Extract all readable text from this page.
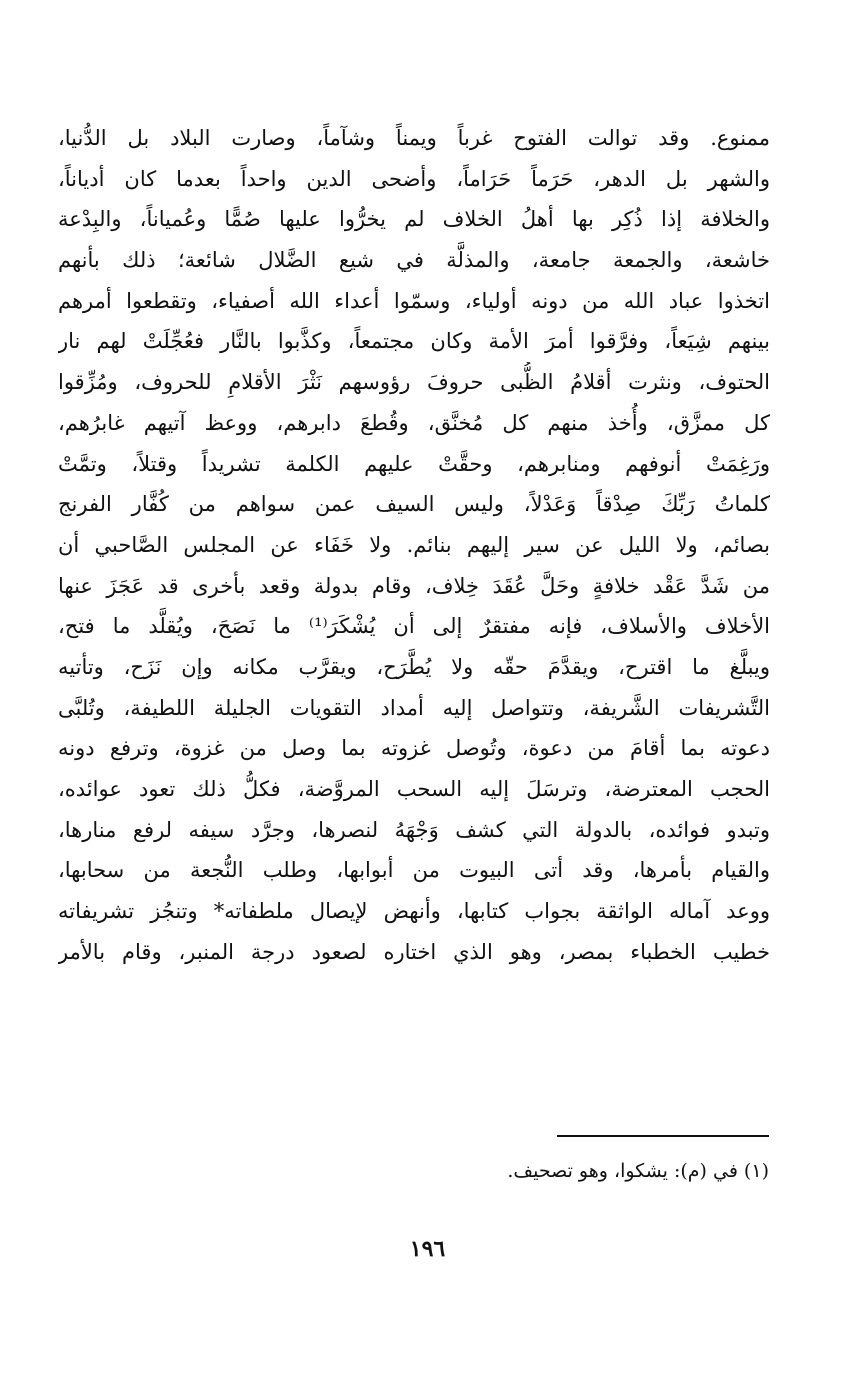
ممنوع. وقد توالت الفتوح غرباً ويمناً وشآماً، وصارت البلاد بل الدُّنيا،
والشهر بل الدهر، حَرَماً حَرَاماً، وأضحى الدين واحداً بعدما كان أدياناً،
والخلافة إذا ذُكِر بها أهلُ الخلاف لم يخرُّوا عليها صُمًّا وعُمياناً، والبِدْعة
خاشعة، والجمعة جامعة، والمذلَّة في شيع الضَّلال شائعة؛ ذلك بأنهم
اتخذوا عباد الله من دونه أولياء، وسمّوا أعداء الله أصفياء، وتقطعوا أمرهم
بينهم شِيَعاً، وفرَّقوا أمرَ الأمة وكان مجتمعاً، وكذَّبوا بالنَّار فعُجِّلَتْ لهم نار
الحتوف، ونثرت أقلامُ الظُّبى حروفَ رؤوسهم نَثْرَ الأقلامِ للحروف، ومُزِّقوا
كل ممزَّق، وأُخذ منهم كل مُخنَّق، وقُطعَ دابرهم، ووعظ آتيهم غابرُهم،
ورَغِمَتْ أنوفهم ومنابرهم، وحقَّتْ عليهم الكلمة تشريداً وقتلاً، وتمَّتْ
كلماتُ رَبِّكَ صِدْقاً وَعَدْلاً، وليس السيف عمن سواهم من كُفَّار الفرنج
بصائم، ولا الليل عن سير إليهم بنائم. ولا خَفَاء عن المجلس الصَّاحبي أن
من شَدَّ عَقْد خلافةٍ وحَلَّ عُقَدَ خِلاف، وقام بدولة وقعد بأخرى قد عَجَزَ عنها
الأخلاف والأسلاف، فإنه مفتقرٌ إلى أن يُشْكَرَ⁽¹⁾ ما نَصَحَ، ويُقلَّد ما فتح،
ويبلَّغ ما اقترح، ويقدَّمَ حقّه ولا يُطَّرَح، ويقرَّب مكانه وإن نَزَح، وتأتيه
التَّشريفات الشَّريفة، وتتواصل إليه أمداد التقويات الجليلة اللطيفة، وتُلبَّى
دعوته بما أقامَ من دعوة، وتُوصل غزوته بما وصل من غزوة، وترفع دونه
الحجب المعترضة، وترسَلَ إليه السحب المروَّضة، فكلُّ ذلك تعود عوائده،
وتبدو فوائده، بالدولة التي كشف وَجْهَهُ لنصرها، وجرَّد سيفه لرفع منارها،
والقيام بأمرها، وقد أتى البيوت من أبوابها، وطلب النُّجعة من سحابها،
ووعد آماله الواثقة بجواب كتابها، وأنهض لإيصال ملطفاته* وتنجُز تشريفاته
خطيب الخطباء بمصر، وهو الذي اختاره لصعود درجة المنبر، وقام بالأمر
(١) في (م): يشكوا، وهو تصحيف.
١٩٦
